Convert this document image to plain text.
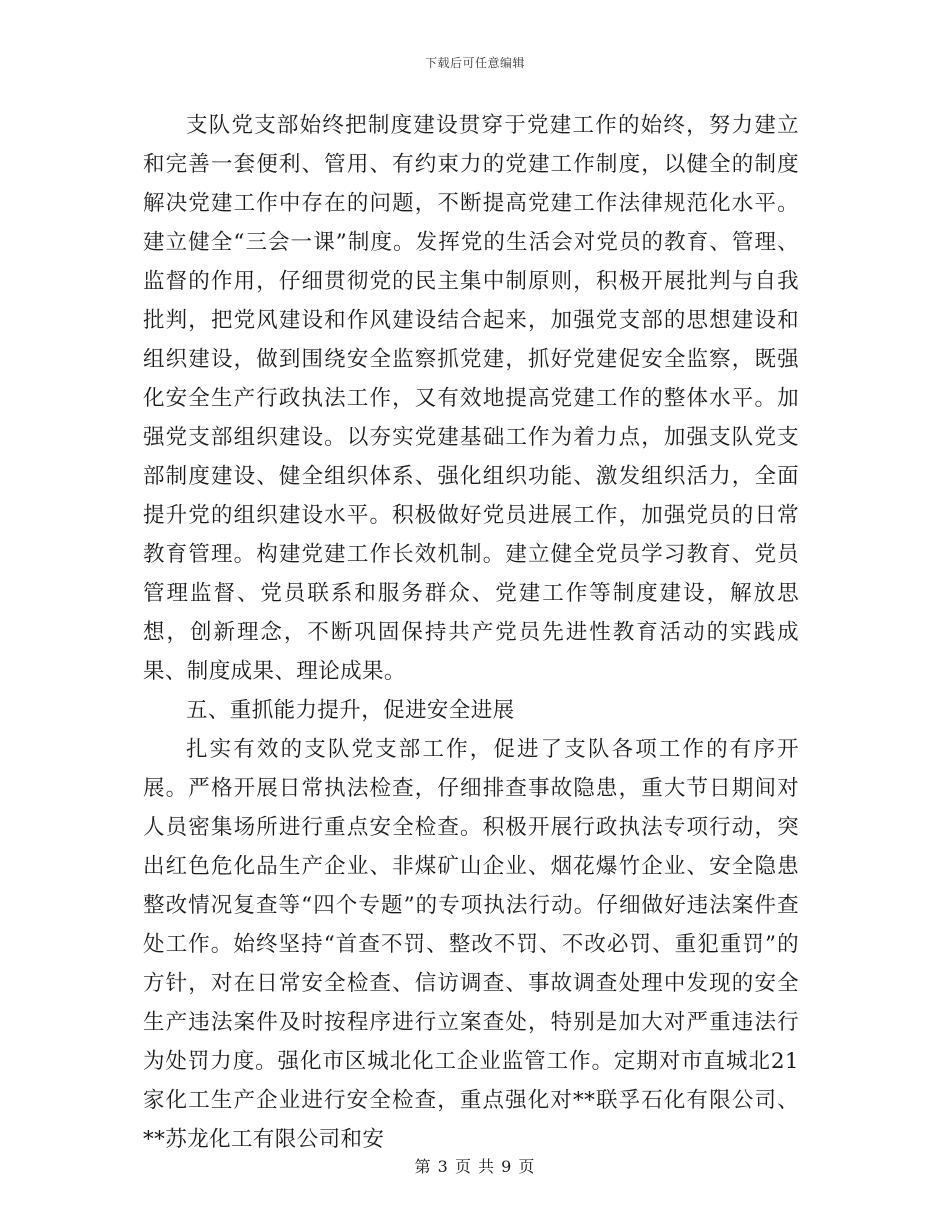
下载后可任意编辑

支队党支部始终把制度建设贯穿于党建工作的始终，努力建立和完善一套便利、管用、有约束力的党建工作制度，以健全的制度解决党建工作中存在的问题，不断提高党建工作法律规范化水平。建立健全“三会一课”制度。发挥党的生活会对党员的教育、管理、监督的作用，仔细贯彻党的民主集中制原则，积极开展批判与自我批判，把党风建设和作风建设结合起来，加强党支部的思想建设和组织建设，做到围绕安全监察抓党建，抓好党建促安全监察，既强化安全生产行政执法工作，又有效地提高党建工作的整体水平。加强党支部组织建设。以夯实党建基础工作为着力点，加强支队党支部制度建设、健全组织体系、强化组织功能、激发组织活力，全面提升党的组织建设水平。积极做好党员进展工作，加强党员的日常教育管理。构建党建工作长效机制。建立健全党员学习教育、党员管理监督、党员联系和服务群众、党建工作等制度建设，解放思想，创新理念，不断巩固保持共产党员先进性教育活动的实践成果、制度成果、理论成果。

五、重抓能力提升，促进安全进展

扎实有效的支队党支部工作，促进了支队各项工作的有序开展。严格开展日常执法检查，仔细排查事故隐患，重大节日期间对人员密集场所进行重点安全检查。积极开展行政执法专项行动，突出红色危化品生产企业、非煤矿山企业、烟花爆竹企业、安全隐患整改情况复查等“四个专题”的专项执法行动。仔细做好违法案件查处工作。始终坚持“首查不罚、整改不罚、不改必罚、重犯重罚”的方针，对在日常安全检查、信访调查、事故调查处理中发现的安全生产违法案件及时按程序进行立案查处，特别是加大对严重违法行为处罚力度。强化市区城北化工企业监管工作。定期对市直城北21家化工生产企业进行安全检查，重点强化对**联孚石化有限公司、**苏龙化工有限公司和安

第 3 页 共 9 页
